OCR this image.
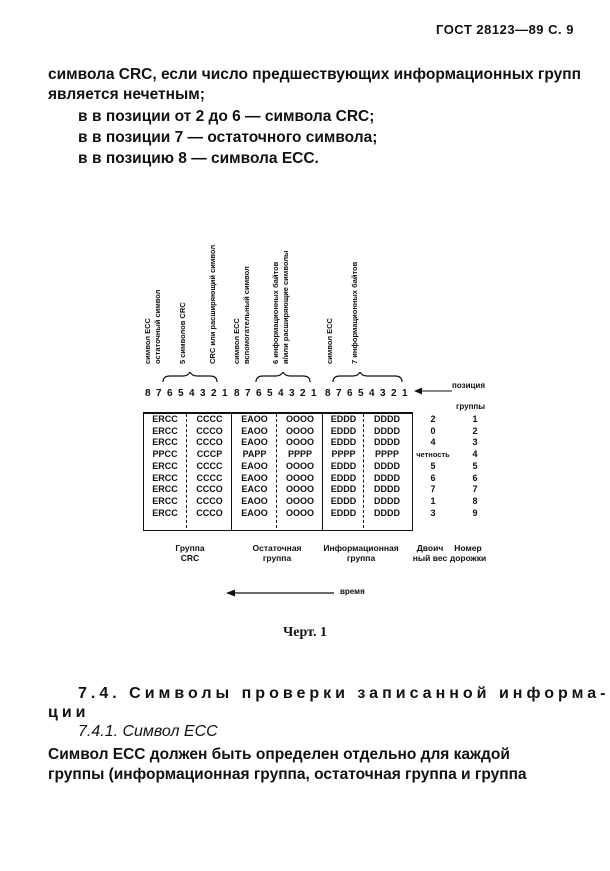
ГОСТ 28123—89 С. 9
символа CRC, если число предшествующих информационных групп
является нечетным;
в в позиции от 2 до 6 — символа CRC;
в в позиции 7 — остаточного символа;
в в позицию 8 — символа ECC.
символ ECC остаточный символ 5 символов CRC	CRC или расширяющий символ символ ECC вспомогательный символ	6 информационных байтов и/или расширяющие символы	символ ECC 7 информационных байтов
8 7 6 5 4 3 2 1 8 7 6 5 4 3 2 1 8 7 6 5 4 3 2 1
позиция
группы
ERCC	CCCC	EAOO	OOOO	EDDD	DDDD	2	1
ERCC	CCCO	EAOO	OOOO	EDDD	DDDD	0	2
ERCC	CCCO	EAOO	OOOO	EDDD	DDDD	4	3
PPCC	CCCP	PAPP	PPPP	PPPP	PPPP	четность	4
ERCC	CCCC	EAOO	OOOO	EDDD	DDDD	5	5
ERCC	CCCC	EAOO	OOOO	EDDD	DDDD	6	6
ERCC	CCCO	EACO	OOOO	EDDD	DDDD	7	7
ERCC	CCCO	EAOO	OOOO	EDDD	DDDD	1	8
ERCC	CCCO	EAOO	OOOO	EDDD	DDDD	3	9
Группа
CRC
Остаточная
группа
Информационная
группа
Двоич
ный вес
Номер
дорожки
время
Черт. 1
7.4. Символы проверки записанной информа-
ции
7.4.1. Символ ECC
Символ ECC должен быть определен отдельно для каждой
группы (информационная группа, остаточная группа и группа
